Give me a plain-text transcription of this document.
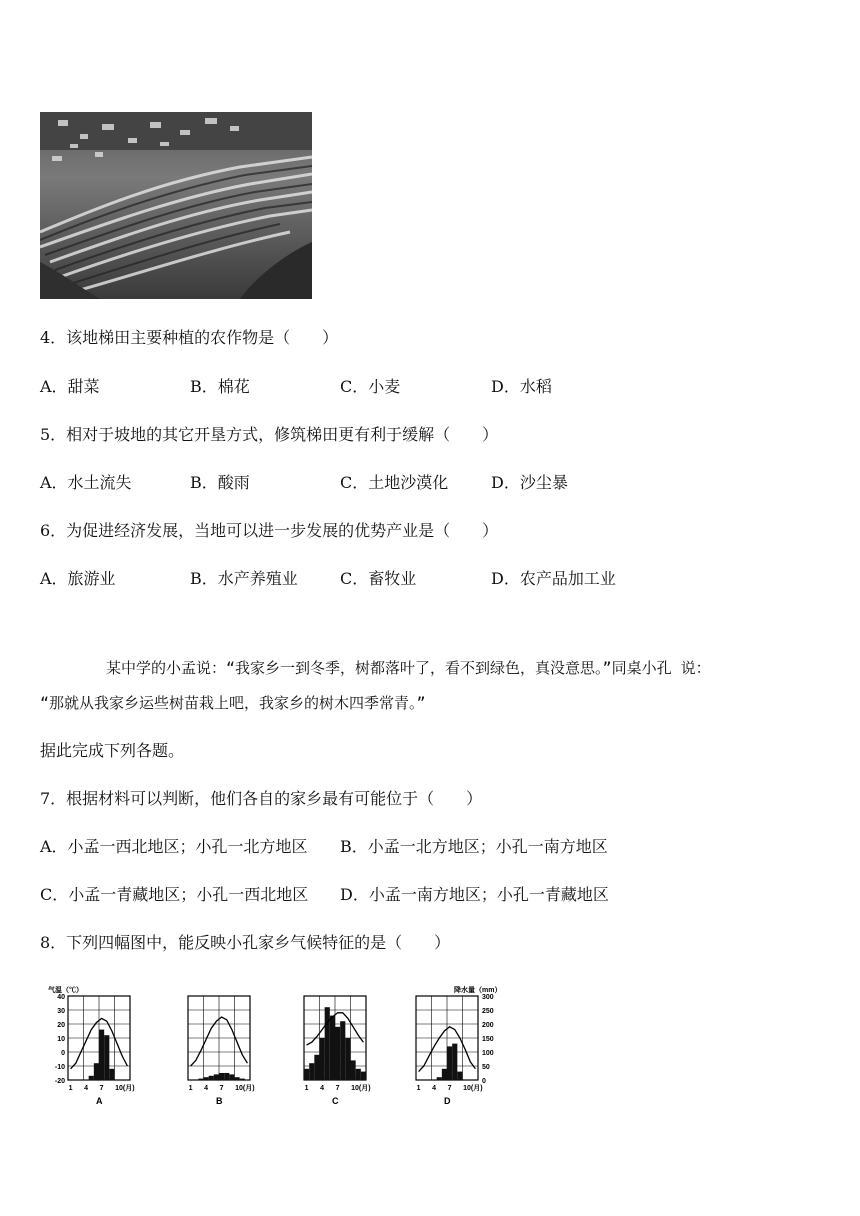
4．该地梯田主要种植的农作物是（　　）
A．甜菜	B．棉花	C．小麦	D．水稻
5．相对于坡地的其它开垦方式，修筑梯田更有利于缓解（　　）
A．水土流失	B．酸雨	C．土地沙漠化	D．沙尘暴
6．为促进经济发展，当地可以进一步发展的优势产业是（　　）
A．旅游业	B．水产养殖业	C．畜牧业	D．农产品加工业
某中学的小孟说：“我家乡一到冬季，树都落叶了，看不到绿色，真没意思。”同桌小孔 说：
“那就从我家乡运些树苗栽上吧，我家乡的树木四季常青。”
据此完成下列各题。
7．根据材料可以判断，他们各自的家乡最有可能位于（　　）
A．小孟一西北地区；小孔一北方地区 B．小孟一北方地区；小孔一南方地区
C．小孟一青藏地区；小孔一西北地区 D．小孟一南方地区；小孔一青藏地区
8．下列四幅图中，能反映小孔家乡气候特征的是（　　）
1 4 7 10(月)
A
40
30
20
10
0
-10
-20
气温（℃）
1 4 7 10(月)
B
1 4 7 10(月)
C
1 4 7 10(月)
D
300
250
200
150
100
50
0
降水量（mm）
